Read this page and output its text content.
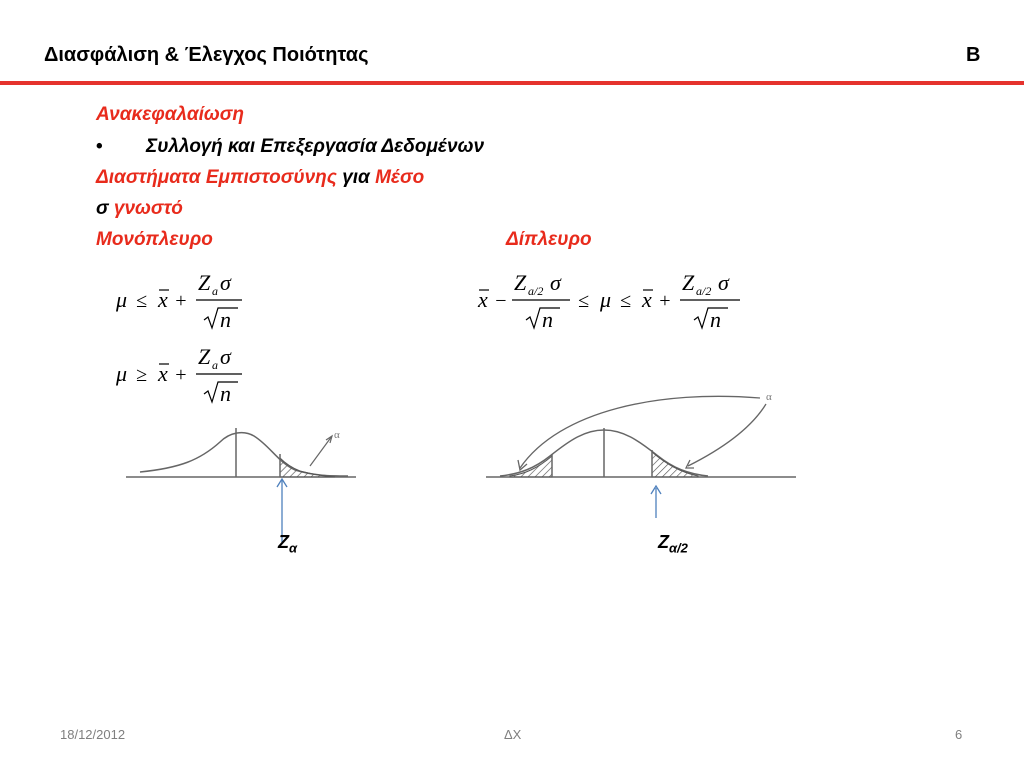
Διασφάλιση & Έλεγχος Ποιότητας	B
Ανακεφαλαίωση
• Συλλογή και Επεξεργασία Δεδομένων
Διαστήματα Εμπιστοσύνης για Μέσο
σ γνωστό
Μονόπλευρο	Δίπλευρο
μ ≤ x +
Z a σ
n
μ ≥ x +
Z a σ
n
x −
Z a/2 σ
n
≤ μ ≤ x +
Z a/2 σ
n
α
α
$Z_\alpha$	$Z_{\alpha/2}$
18/12/2012	ΔΧ	6
